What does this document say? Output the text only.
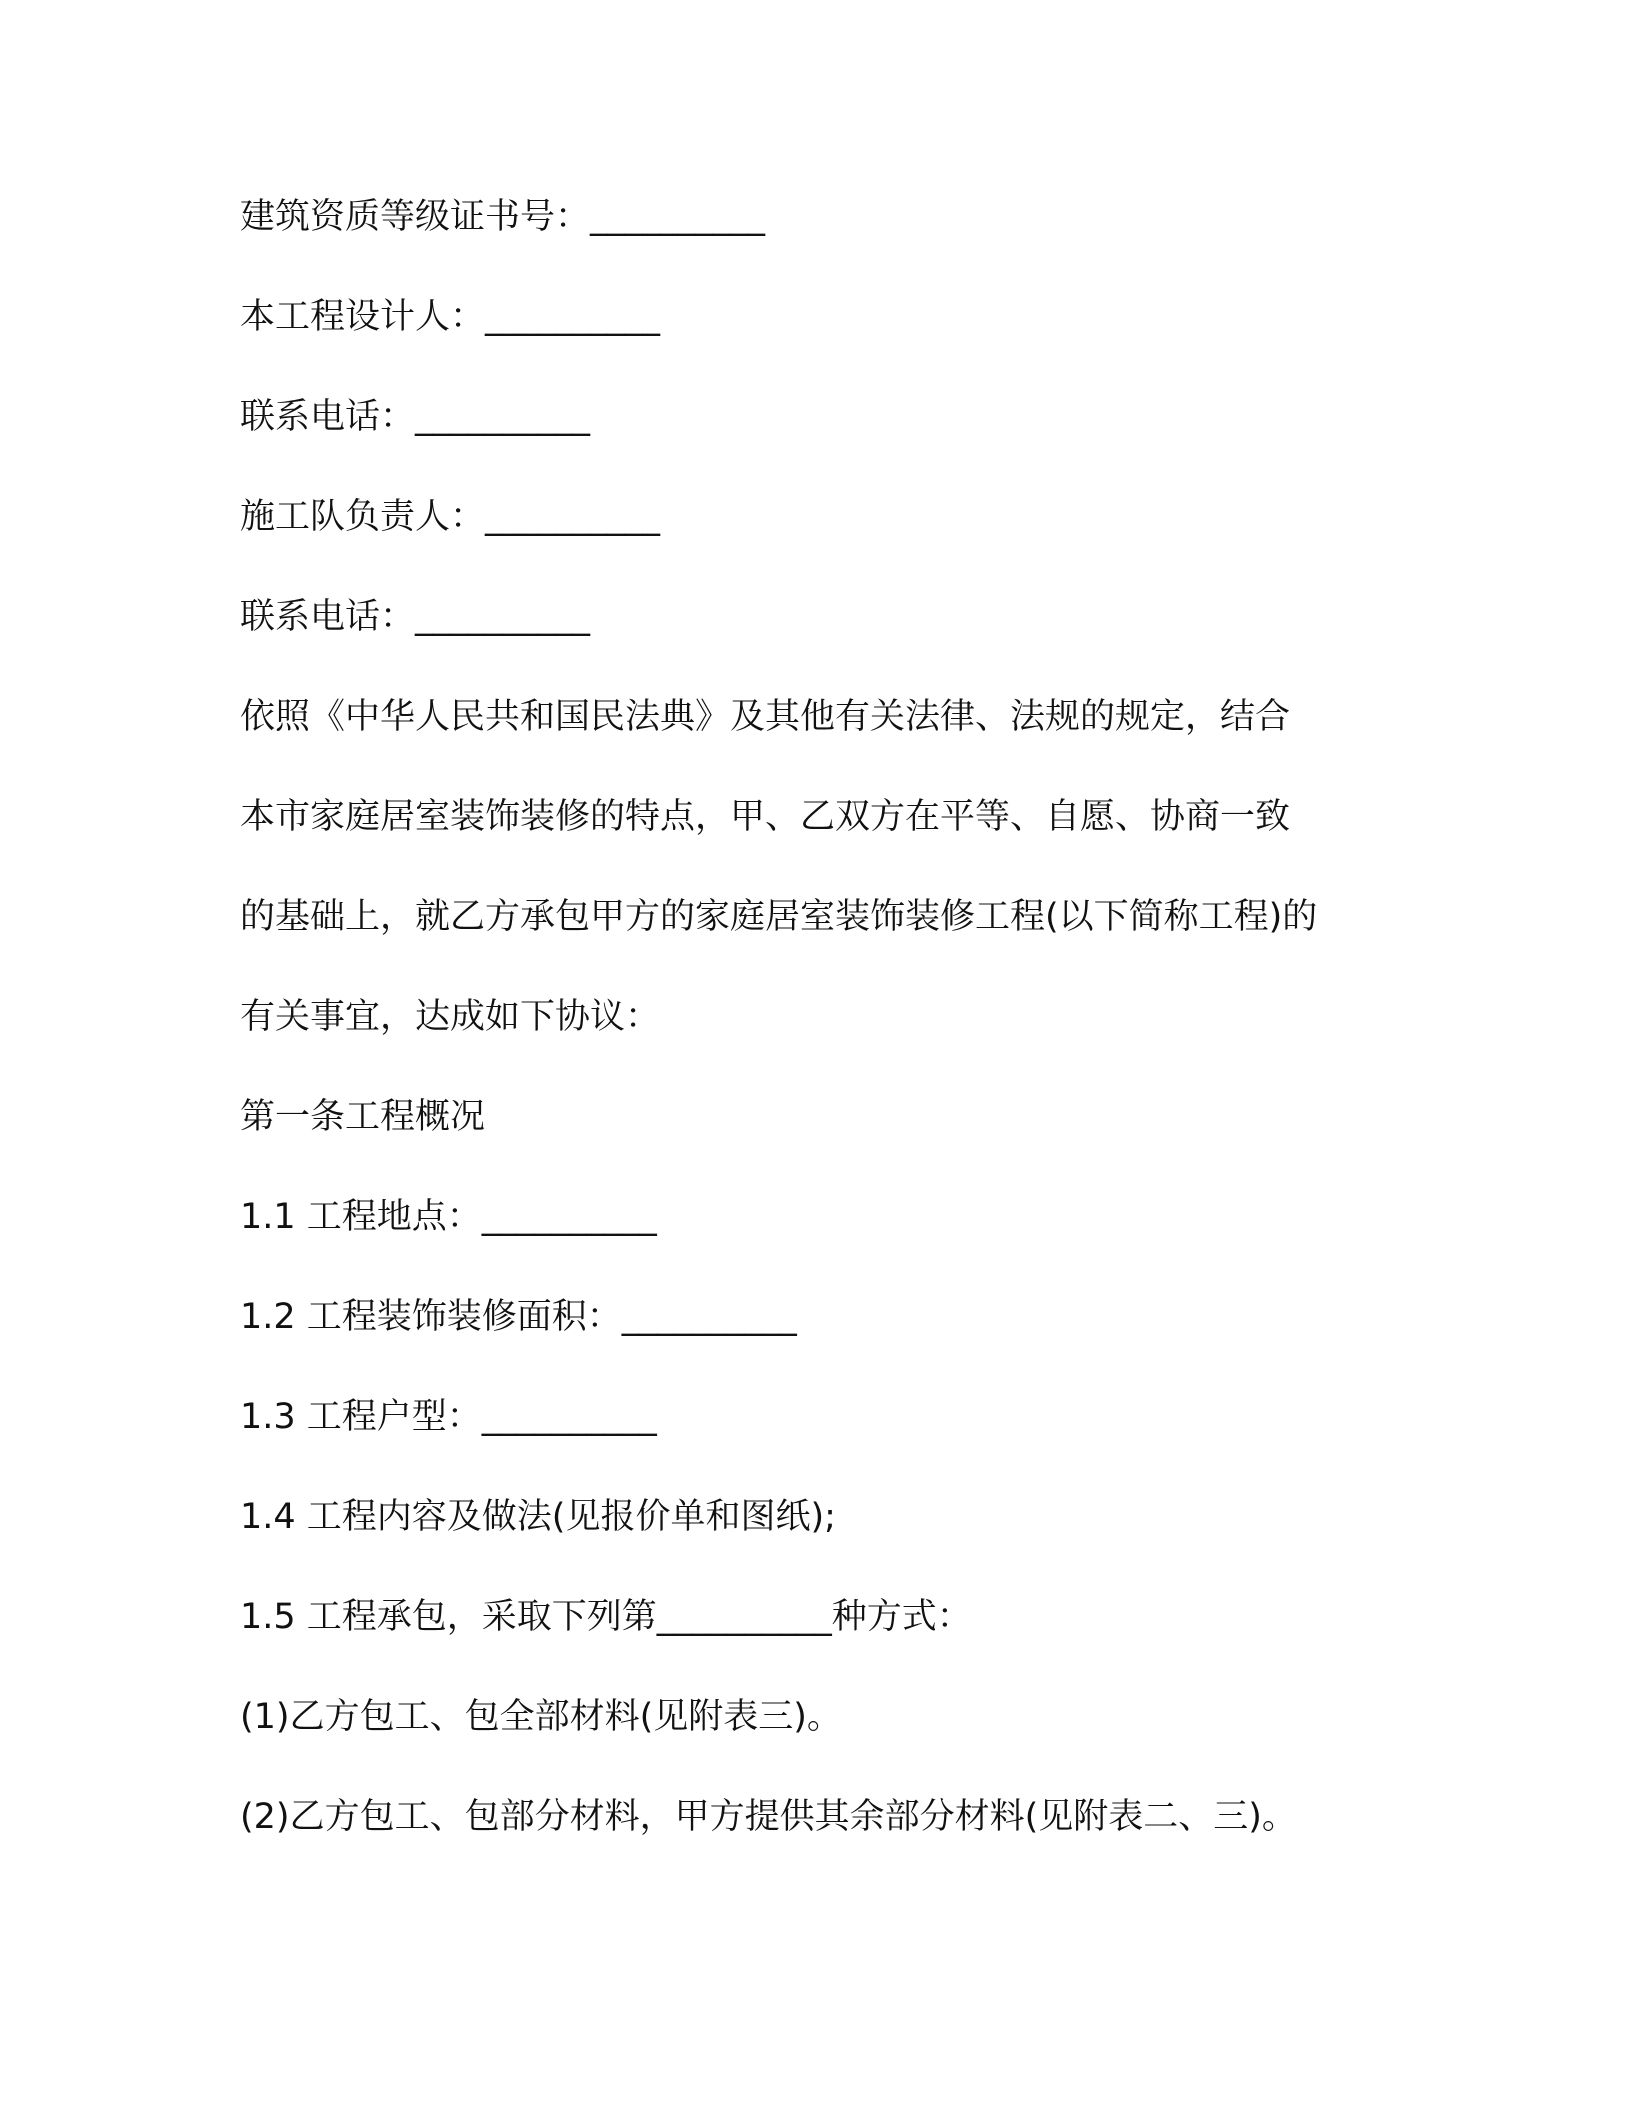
建筑资质等级证书号：__________
本工程设计人：__________
联系电话：__________
施工队负责人：__________
联系电话：__________
依照《中华人民共和国民法典》及其他有关法律、法规的规定，结合
本市家庭居室装饰装修的特点，甲、乙双方在平等、自愿、协商一致
的基础上，就乙方承包甲方的家庭居室装饰装修工程(以下简称工程)的
有关事宜，达成如下协议：
第一条工程概况
1.1 工程地点：__________
1.2 工程装饰装修面积：__________
1.3 工程户型：__________
1.4 工程内容及做法(见报价单和图纸);
1.5 工程承包，采取下列第__________种方式：
(1)乙方包工、包全部材料(见附表三)。
(2)乙方包工、包部分材料，甲方提供其余部分材料(见附表二、三)。
